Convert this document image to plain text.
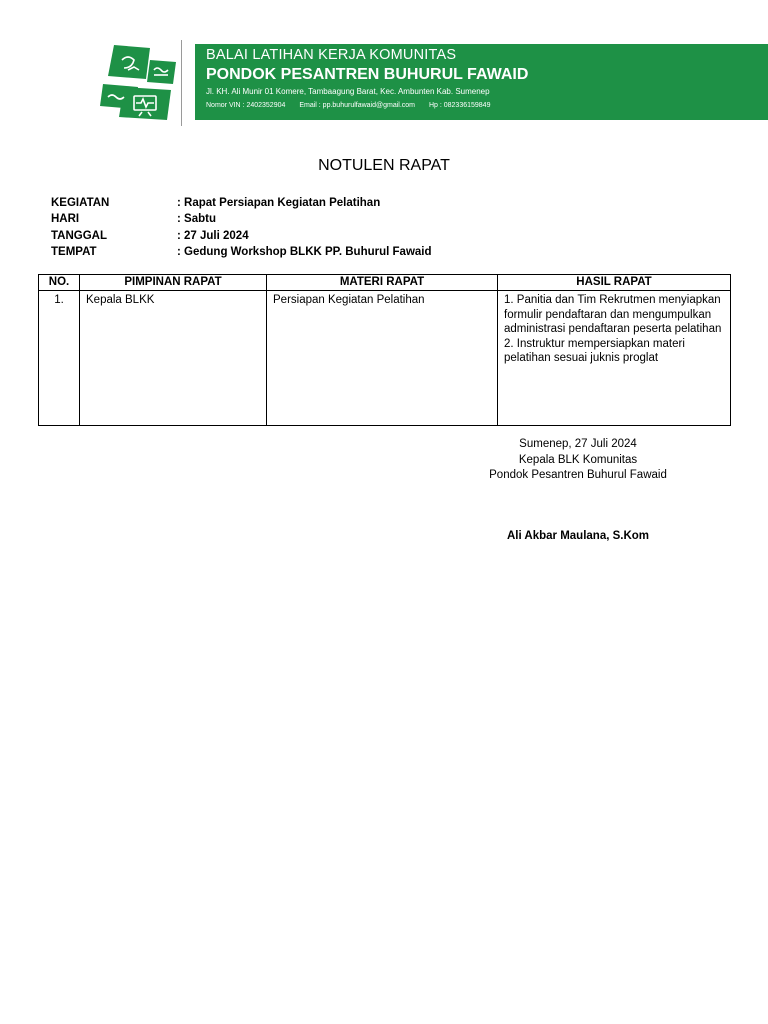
BALAI LATIHAN KERJA KOMUNITAS
PONDOK PESANTREN BUHURUL FAWAID
Jl. KH. Ali Munir 01 Komere, Tambaagung Barat, Kec. Ambunten Kab. Sumenep
Nomor VIN : 2402352904 Email : pp.buhurulfawaid@gmail.com Hp : 082336159849
NOTULEN RAPAT
KEGIATAN	: Rapat Persiapan Kegiatan Pelatihan
HARI	: Sabtu
TANGGAL	: 27 Juli 2024
TEMPAT	: Gedung Workshop BLKK PP. Buhurul Fawaid
NO.	PIMPINAN RAPAT	MATERI RAPAT	HASIL RAPAT
1.	Kepala BLKK	Persiapan Kegiatan Pelatihan	1. Panitia dan Tim Rekrutmen menyiapkan formulir pendaftaran dan mengumpulkan administrasi pendaftaran peserta pelatihan
2. Instruktur mempersiapkan materi pelatihan sesuai juknis proglat
Sumenep, 27 Juli 2024
Kepala BLK Komunitas
Pondok Pesantren Buhurul Fawaid
Ali Akbar Maulana, S.Kom
